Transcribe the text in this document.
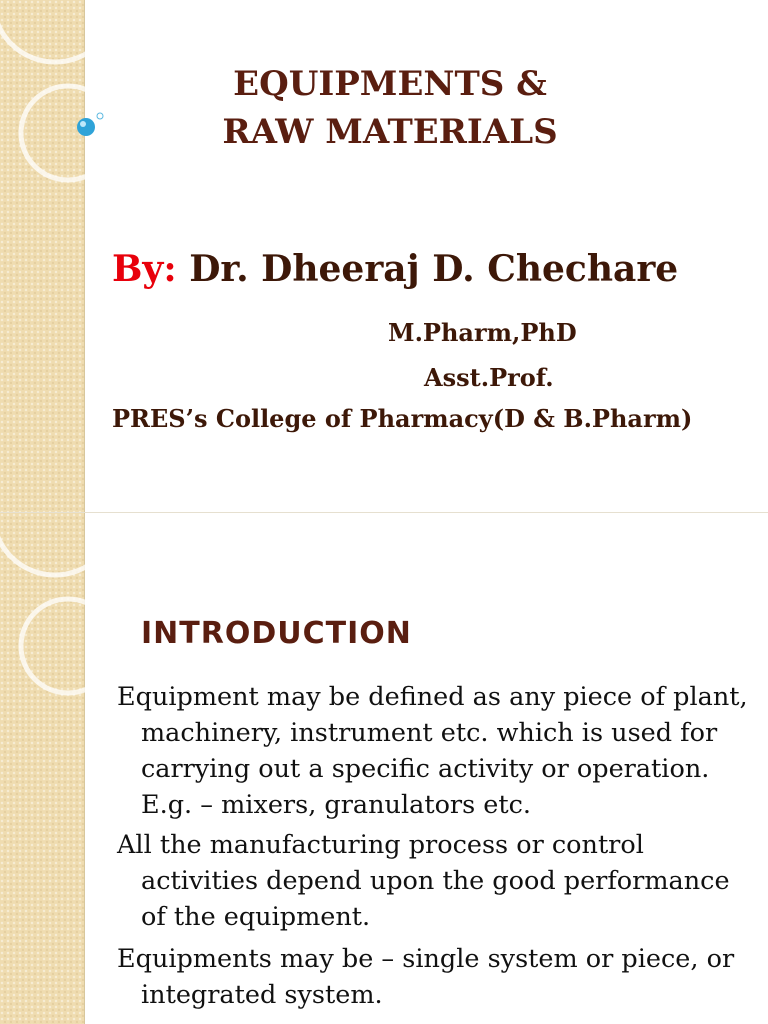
EQUIPMENTS &
RAW MATERIALS
By: Dr. Dheeraj D. Chechare
M.Pharm,PhD
Asst.Prof.
PRES’s College of Pharmacy(D & B.Pharm)
INTRODUCTION
Equipment may be defined as any piece of plant, machinery, instrument etc. which is used for carrying out a specific activity or operation. E.g. – mixers, granulators etc.
All the manufacturing process or control activities depend upon the good performance of the equipment.
Equipments may be – single system or piece, or integrated system.
